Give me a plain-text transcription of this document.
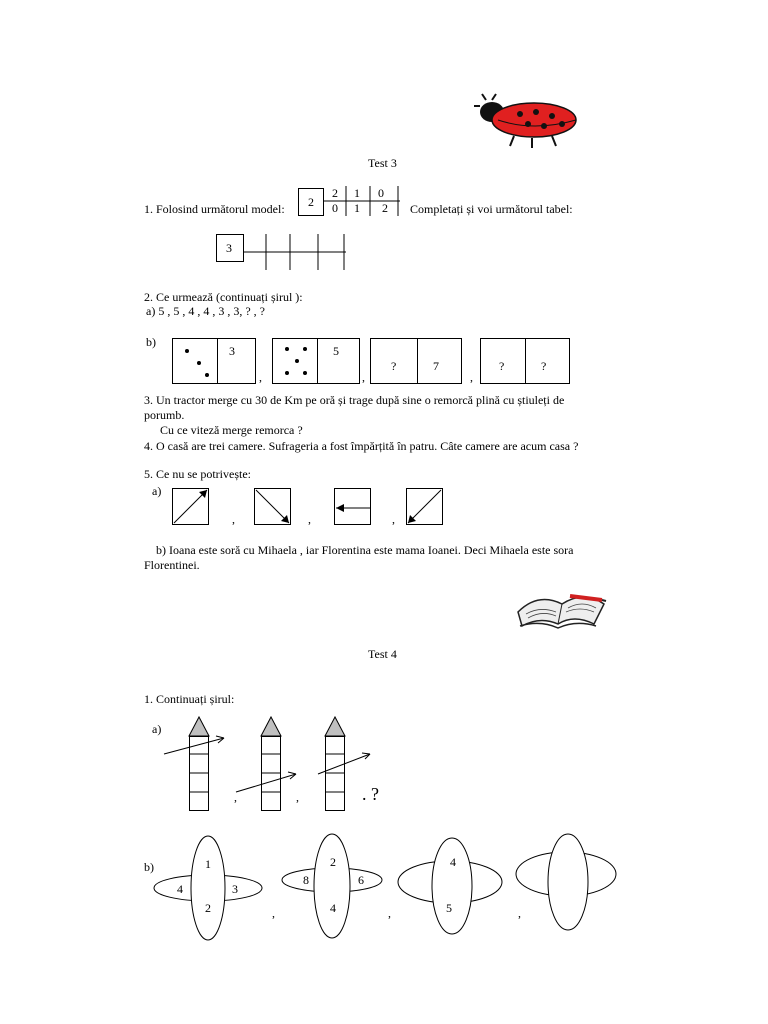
Test 3
1. Folosind următorul model: 2
2 1 0
0 1 2 Completați și voi următorul tabel:
3
2. Ce urmează (continuați șirul ):
a) 5 , 5 , 4 , 4 , 3 , 3, ? , ?
b)
3
,
5
,
?	7
,
?	?
3. Un tractor merge cu 30 de Km pe oră și trage după sine o remorcă plină cu știuleți de
porumb.
Cu ce viteză merge remorca ?
4. O casă are trei camere. Sufrageria a fost împărțită în patru. Câte camere are acum casa ?
5. Ce nu se potrivește:
a)
,	,	,
b) Ioana este soră cu Mihaela , iar Florentina este mama Ioanei. Deci Mihaela este sora
Florentinei.
Test 4
1. Continuați șirul:
a)
,	,	. ?
b)	1
4	3
2	,
2
8	6
4	,
4
5	,
